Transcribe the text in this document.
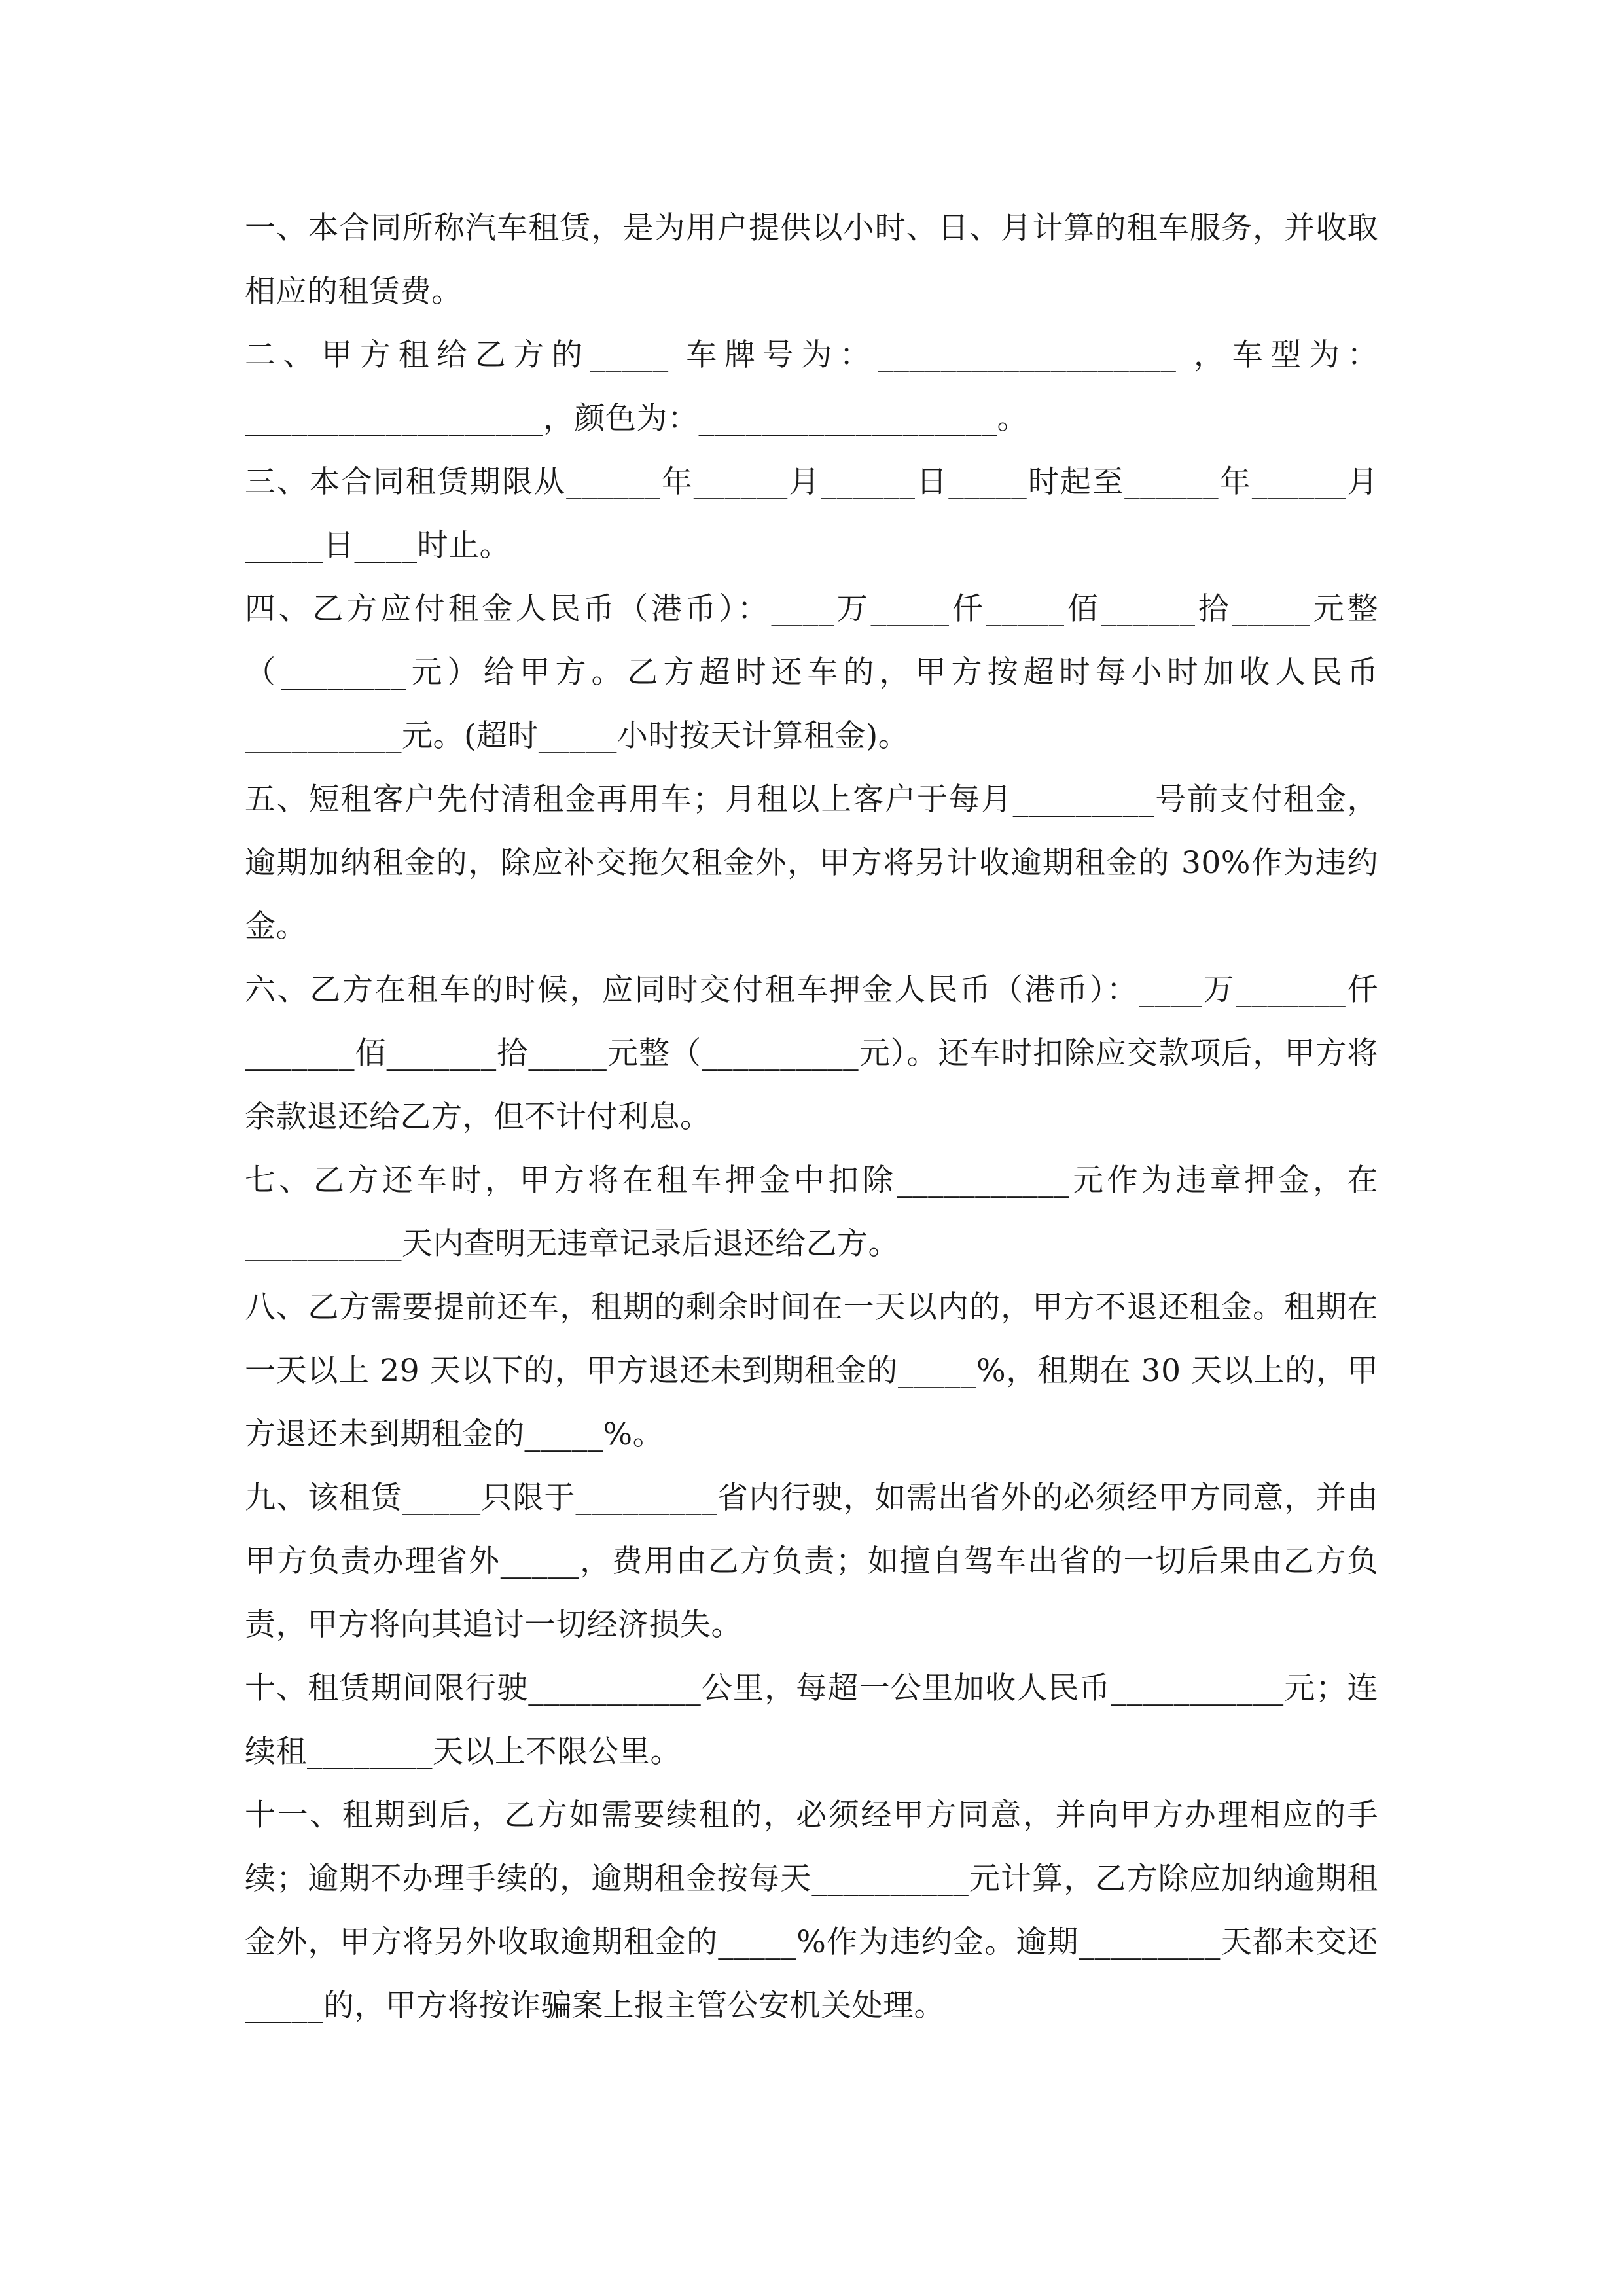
一、本合同所称汽车租赁，是为用户提供以小时、日、月计算的租车服务，并收取相应的租赁费。

二、甲方租给乙方的_____ 车牌号为：___________________ ，车型为：___________________，颜色为：___________________。

三、本合同租赁期限从______年______月______日_____时起至______年______月_____日____时止。

四、乙方应付租金人民币（港币）：____万_____仟_____佰______拾_____元整（________元）给甲方。乙方超时还车的，甲方按超时每小时加收人民币__________元。(超时_____小时按天计算租金)。

五、短租客户先付清租金再用车；月租以上客户于每月_________号前支付租金，逾期加纳租金的，除应补交拖欠租金外，甲方将另计收逾期租金的 30%作为违约金。

六、乙方在租车的时候，应同时交付租车押金人民币（港币）：____万_______仟_______佰_______拾_____元整（__________元）。还车时扣除应交款项后，甲方将余款退还给乙方，但不计付利息。

七、乙方还车时，甲方将在租车押金中扣除___________元作为违章押金，在__________天内查明无违章记录后退还给乙方。

八、乙方需要提前还车，租期的剩余时间在一天以内的，甲方不退还租金。租期在一天以上 29 天以下的，甲方退还未到期租金的_____%，租期在 30 天以上的，甲方退还未到期租金的_____%。

九、该租赁_____只限于_________省内行驶，如需出省外的必须经甲方同意，并由甲方负责办理省外_____，费用由乙方负责；如擅自驾车出省的一切后果由乙方负责，甲方将向其追讨一切经济损失。

十、租赁期间限行驶___________公里，每超一公里加收人民币___________元；连续租________天以上不限公里。

十一、租期到后，乙方如需要续租的，必须经甲方同意，并向甲方办理相应的手续；逾期不办理手续的，逾期租金按每天__________元计算，乙方除应加纳逾期租金外，甲方将另外收取逾期租金的_____%作为违约金。逾期_________天都未交还_____的，甲方将按诈骗案上报主管公安机关处理。
